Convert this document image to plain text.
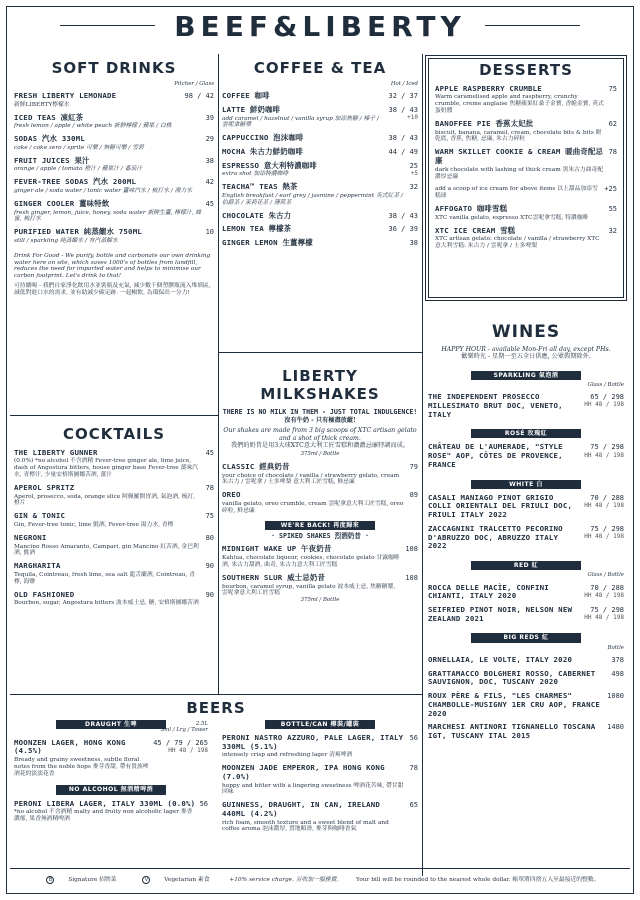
BEEF&LIBERTY
SOFT DRINKS
Pitcher / Glass
FRESH LIBERTY LEMONADE
新鮮LIBERTY檸檬水
98 / 42
ICED TEAS 凍紅茶
fresh lemon / apple / white peach 新鮮檸檬 / 蘋果 / 白桃
39
SODAS 汽水 330ML
coke / coke zero / sprite 可樂 / 無糖可樂 / 雪碧
29
FRUIT JUICES 果汁
orange / apple / tomato 橙汁 / 蘋果汁 / 番茄汁
38
FEVER-TREE SODAS 汽水 200ML
ginger ale / soda water / tonic water 薑味汽水 / 梳打水 / 湯力水
42
GINGER COOLER 薑味特飲
fresh ginger, lemon, juice, honey, soda water 新鮮生薑, 檸檬汁, 蜂蜜, 梳打水
45
PURIFIED WATER 純蒸餾水 750ML
still / sparkling 純蒸餾水 / 有汽蒸餾水
10
Drink For Good - We purify, bottle and carbonate our own drinking water here on site, which saves 1000's of bottles from landfill, reduces the need for imported water and helps to minimise our carbon footprint. Let's drink to that!
可持續喝 - 我們自家淨化飲用水並裝瓶及充氣, 減少數千個塑膠瓶流入堆填區, 減低對進口水的需求, 並有助減少碳足跡. 一起暢飲, 為環保出一分力!
COCKTAILS
THE LIBERTY GUNNER
(0.0%) *no alcohol 不含酒精 Fever-tree ginger ale, lime juice, dash of Angostura bitters, house ginger base Fever-tree 薑味汽水, 青檸汁, 少量安格斯圖娜苦酒, 薑汁
45
APEROL SPRITZ
Aperol, prosecco, soda, orange slice 阿佩羅開胃酒, 氣泡酒, 梳打, 橙片
78
GIN & TONIC
Gin, Fever-tree tonic, lime 氈酒, Fever-tree 湯力水, 青檸
75
NEGRONI
Mancino Rosso Amaranto, Campari, gin Mancino 紅苦酒, 金巴利酒, 氈酒
80
MARGHARITA
Tequila, Cointreau, fresh lime, sea salt 龍舌蘭酒, Cointreau, 青檸, 海鹽
90
OLD FASHIONED
Bourbon, sugar, Angostura bitters 波本威士忌, 糖, 安格斯圖娜苦酒
90
COFFEE & TEA
Hot / Iced
COFFEE 咖啡	32 / 37
LATTE 鮮奶咖啡
add caramel / hazelnut / vanilla syrup 加添焦糖 / 榛子 / 雲呢拿糖漿
38 / 43
+10
CAPPUCCINO 泡沫咖啡	38 / 43
MOCHA 朱古力鮮奶咖啡	44 / 49
ESPRESSO 意大利特濃咖啡
extra shot 加添特濃咖啡
25
+5
TEACHA™ TEAS 熱茶
English breakfast / earl grey / jasmine / peppermint 英式紅茶 / 伯爵茶 / 茉莉花茶 / 薄荷茶
32
CHOCOLATE 朱古力	38 / 43
LEMON TEA 檸檬茶	36 / 39
GINGER LEMON 生薑檸檬	38
LIBERTY MILKSHAKES
THERE IS NO MILK IN THEM - JUST TOTAL INDULGENCE!
沒有牛奶 - 只有極盡放縱!
Our shakes are made from 3 big scoops of XTC artisan gelato and a shot of thick cream.
我們的奶昔是用3大球XTC意大利工匠雪糕和濃濃忌廉特調而成。
375ml / Bottle
CLASSIC 經典奶昔
your choice of chocolate / vanilla / strawberry gelato, cream 朱古力 / 雲呢拿 / 士多啤梨 意大利工匠雪糕, 鮮忌廉
79
OREO
vanilla gelato, oreo crumble, cream 雲呢拿意大利工匠雪糕, oreo碎粒, 鮮忌廉
89
WE'RE BACK! 再度歸來
· SPIKED SHAKES 烈酒奶昔 ·
MIDNIGHT WAKE UP 午夜奶昔
Kahlua, chocolate liqueur, cookies, chocolate gelato 甘露咖啡酒, 朱古力甜酒, 曲奇, 朱古力意大利工匠雪糕
108
SOUTHERN SLUR 威士忌奶昔
bourbon, caramel syrup, vanilla gelato 波本威士忌, 焦糖糖漿, 雲呢拿意大利工匠雪糕
108
375ml / Bottle
DESSERTS
APPLE RASPBERRY CRUMBLE
Warm caramelised apple and raspberry, crunchy crumble, creme anglaise 焦糖蘋果紅桑子金寶, 香脆金寶, 英式蛋奶醬
75
BANOFFEE PIE 香蕉太妃批
biscuit, banana, caramel, cream, chocolate bits & bits 餅乾底, 香蕉, 焦糖, 忌廉, 朱古力碎粒
62
WARM SKILLET COOKIE & CREAM 暖曲奇配忌廉
dark chocolate with lashing of thick cream 黑朱古力曲奇配濃厚忌廉
78
add a scoop of ice cream for above items 以上甜品加添雪糕球
+25
AFFOGATO 咖啡雪糕
XTC vanilla gelato, espresso XTC雲呢拿雪糕, 特濃咖啡
55
XTC ICE CREAM 雪糕
XTC artisan gelato: chocolate / vanilla / strawberry XTC意大利雪糕: 朱古力 / 雲呢拿 / 士多啤梨
32
WINES
HAPPY HOUR - available Mon-Fri all day, except PHs.
歡樂時光 - 星期一至五全日供應, 公眾假期除外.
SPARKLING 氣泡酒
Glass / Bottle
THE INDEPENDENT PROSECCO MILLESIMATO BRUT DOC, VENETO, ITALY
65 / 298
HH 48 / 198
ROSÉ 玫瑰紅
CHÂTEAU DE L'AUMERADE, "STYLE ROSE" AOP, CÔTES DE PROVENCE, FRANCE
75 / 298
HH 48 / 198
WHITE 白
CASALI MANIAGO PINOT GRIGIO COLLI ORIENTALI DEL FRIULI DOC, FRIULI ITALY 2022
70 / 288
HH 48 / 198
ZACCAGNINI TRALCETTO PECORINO D'ABRUZZO DOC, ABRUZZO ITALY 2022
75 / 298
HH 48 / 198
RED 紅
Glass / Bottle
ROCCA DELLE MACÌE, CONFINI CHIANTI, ITALY 2020
70 / 288
HH 48 / 198
SEIFRIED PINOT NOIR, NELSON NEW ZEALAND 2021
75 / 298
HH 48 / 198
BIG REDS 紅
Bottle
ORNELLAIA, LE VOLTE, ITALY 2020	378
GRATTAMACCO BOLGHERI ROSSO, CABERNET SAUVIGNON, DOC, TUSCANY 2020
498
ROUX PÈRE & FILS, "LES CHARMES" CHAMBOLLE-MUSIGNY 1ER CRU AOP, FRANCE 2020
1080
MARCHESI ANTINORI TIGNANELLO TOSCANA IGT, TUSCANY ITAL 2015
1480
BEERS
DRAUGHT 生啤	2.5L
Sml / Lrg / Tower
MOONZEN LAGER, HONG KONG (4.5%)
Bready and grainy sweetness, subtle floral notes from the noble hops 麥芽香甜, 帶有貴族啤酒花的淡淡花香
45 / 79 / 265
HH 48 / 198
NO ALCOHOL 無酒精啤酒
PERONI LIBERA LAGER, ITALY 330ML (0.0%)
*no alcohol 不含酒精 malty and fruity non alcoholic lager 麥香濃郁, 果香無酒精啤酒
56
BOTTLE/CAN 樽裝/罐裝
PERONI NASTRO AZZURO, PALE LAGER, ITALY 330ML (5.1%)
intensely crisp and refreshing lager 清爽啤酒
56
MOONZEN JADE EMPEROR, IPA HONG KONG (7.0%)
hoppy and bitter with a lingering sweetness 啤酒花苦味, 帶甘甜回味
78
GUINNESS, DRAUGHT, IN CAN, IRELAND 440ML (4.2%)
rich foam, smooth texture and a sweet blend of malt and coffee aroma 泡沫濃厚, 質地順滑, 麥芽與咖啡香氣
65
B	Signature 招牌菜	V	Vegetarian 素食	+10% service charge. 另收加一服務費。 Your bill will be rounded to the nearest whole dollar. 帳單將四捨五入至最接近的整數。
